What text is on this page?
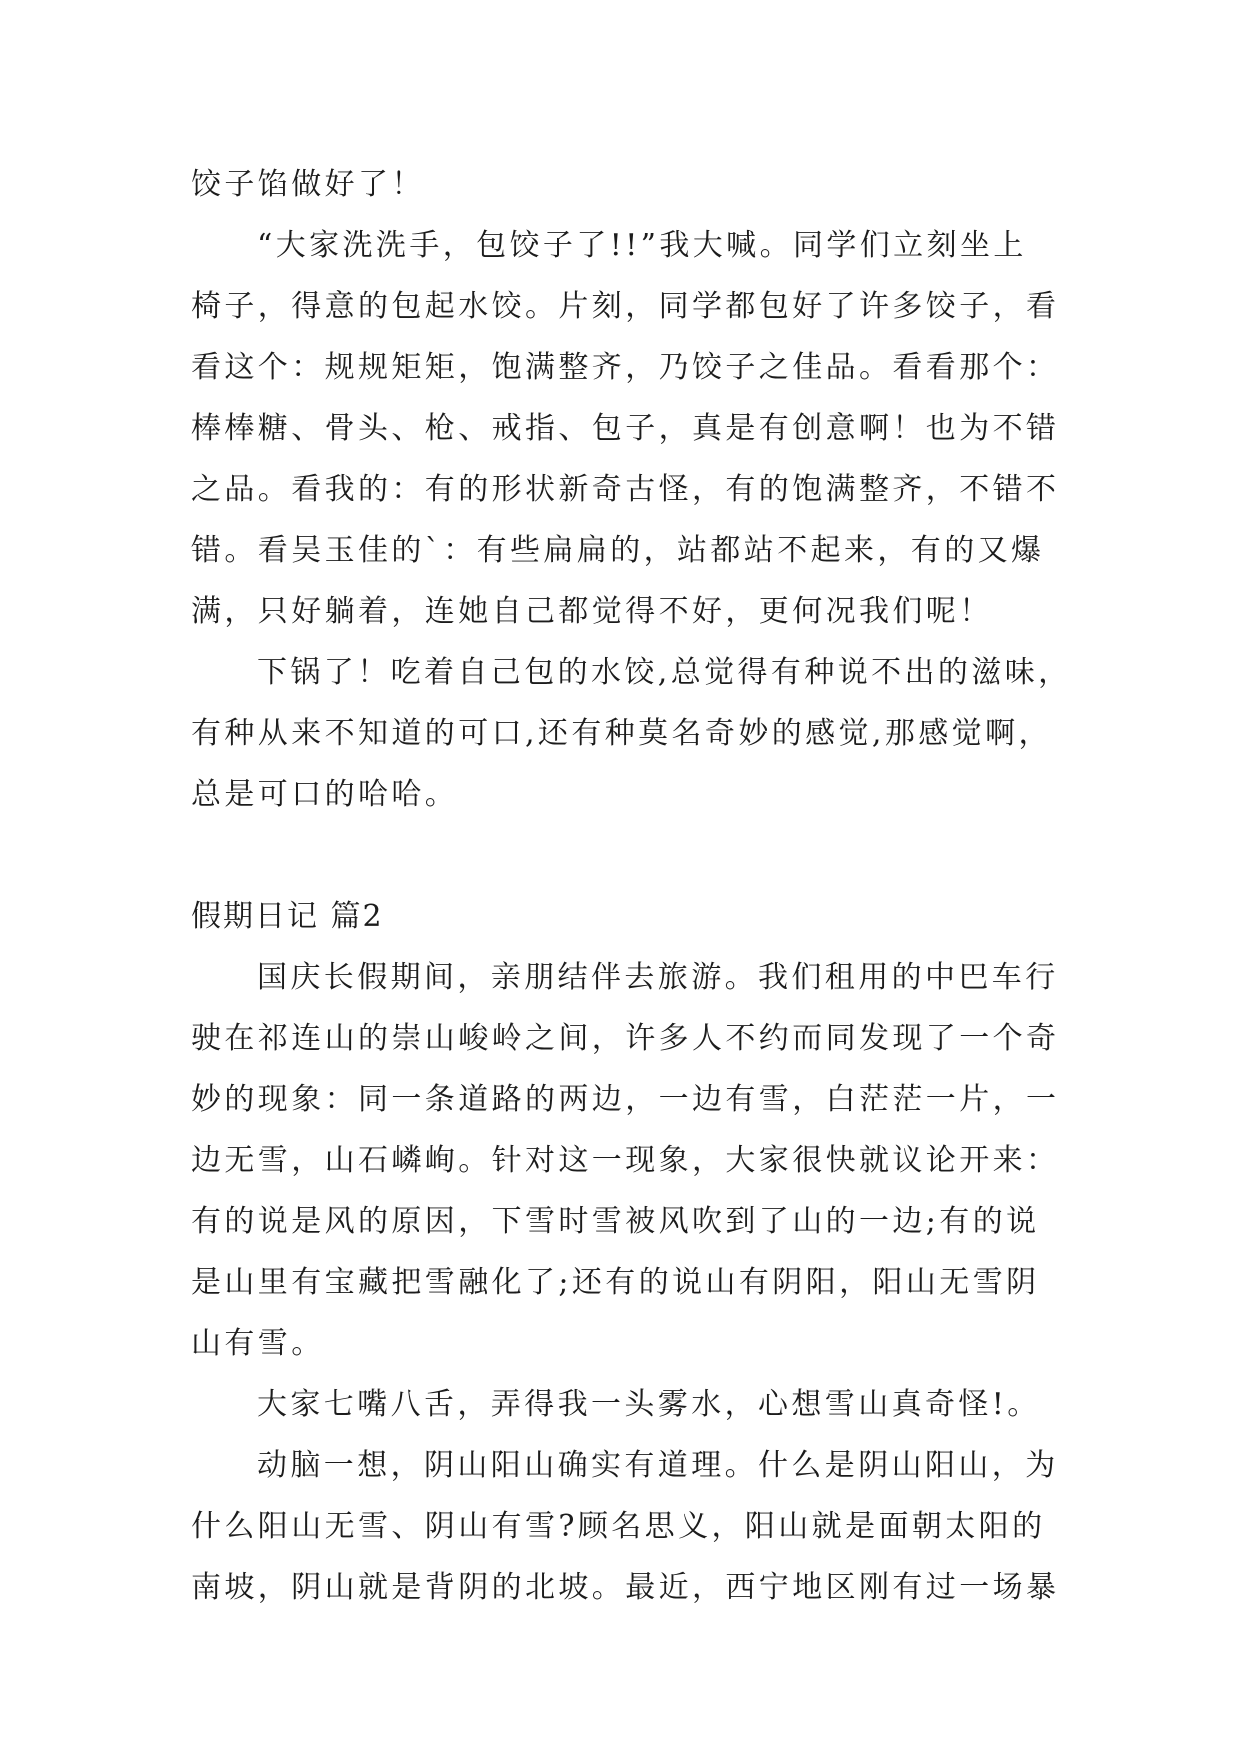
饺子馅做好了！
“大家洗洗手，包饺子了!!”我大喊。同学们立刻坐上
椅子，得意的包起水饺。片刻，同学都包好了许多饺子，看
看这个：规规矩矩，饱满整齐，乃饺子之佳品。看看那个：
棒棒糖、骨头、枪、戒指、包子，真是有创意啊！也为不错
之品。看我的：有的形状新奇古怪，有的饱满整齐，不错不
错。看吴玉佳的`：有些扁扁的，站都站不起来，有的又爆
满，只好躺着，连她自己都觉得不好，更何况我们呢！
下锅了！吃着自己包的水饺,总觉得有种说不出的滋味，
有种从来不知道的可口,还有种莫名奇妙的感觉,那感觉啊，
总是可口的哈哈。
假期日记 篇2
国庆长假期间，亲朋结伴去旅游。我们租用的中巴车行
驶在祁连山的崇山峻岭之间，许多人不约而同发现了一个奇
妙的现象：同一条道路的两边，一边有雪，白茫茫一片，一
边无雪，山石嶙峋。针对这一现象，大家很快就议论开来：
有的说是风的原因，下雪时雪被风吹到了山的一边;有的说
是山里有宝藏把雪融化了;还有的说山有阴阳，阳山无雪阴
山有雪。
大家七嘴八舌，弄得我一头雾水，心想雪山真奇怪!。
动脑一想，阴山阳山确实有道理。什么是阴山阳山，为
什么阳山无雪、阴山有雪?顾名思义，阳山就是面朝太阳的
南坡，阴山就是背阴的北坡。最近，西宁地区刚有过一场暴
